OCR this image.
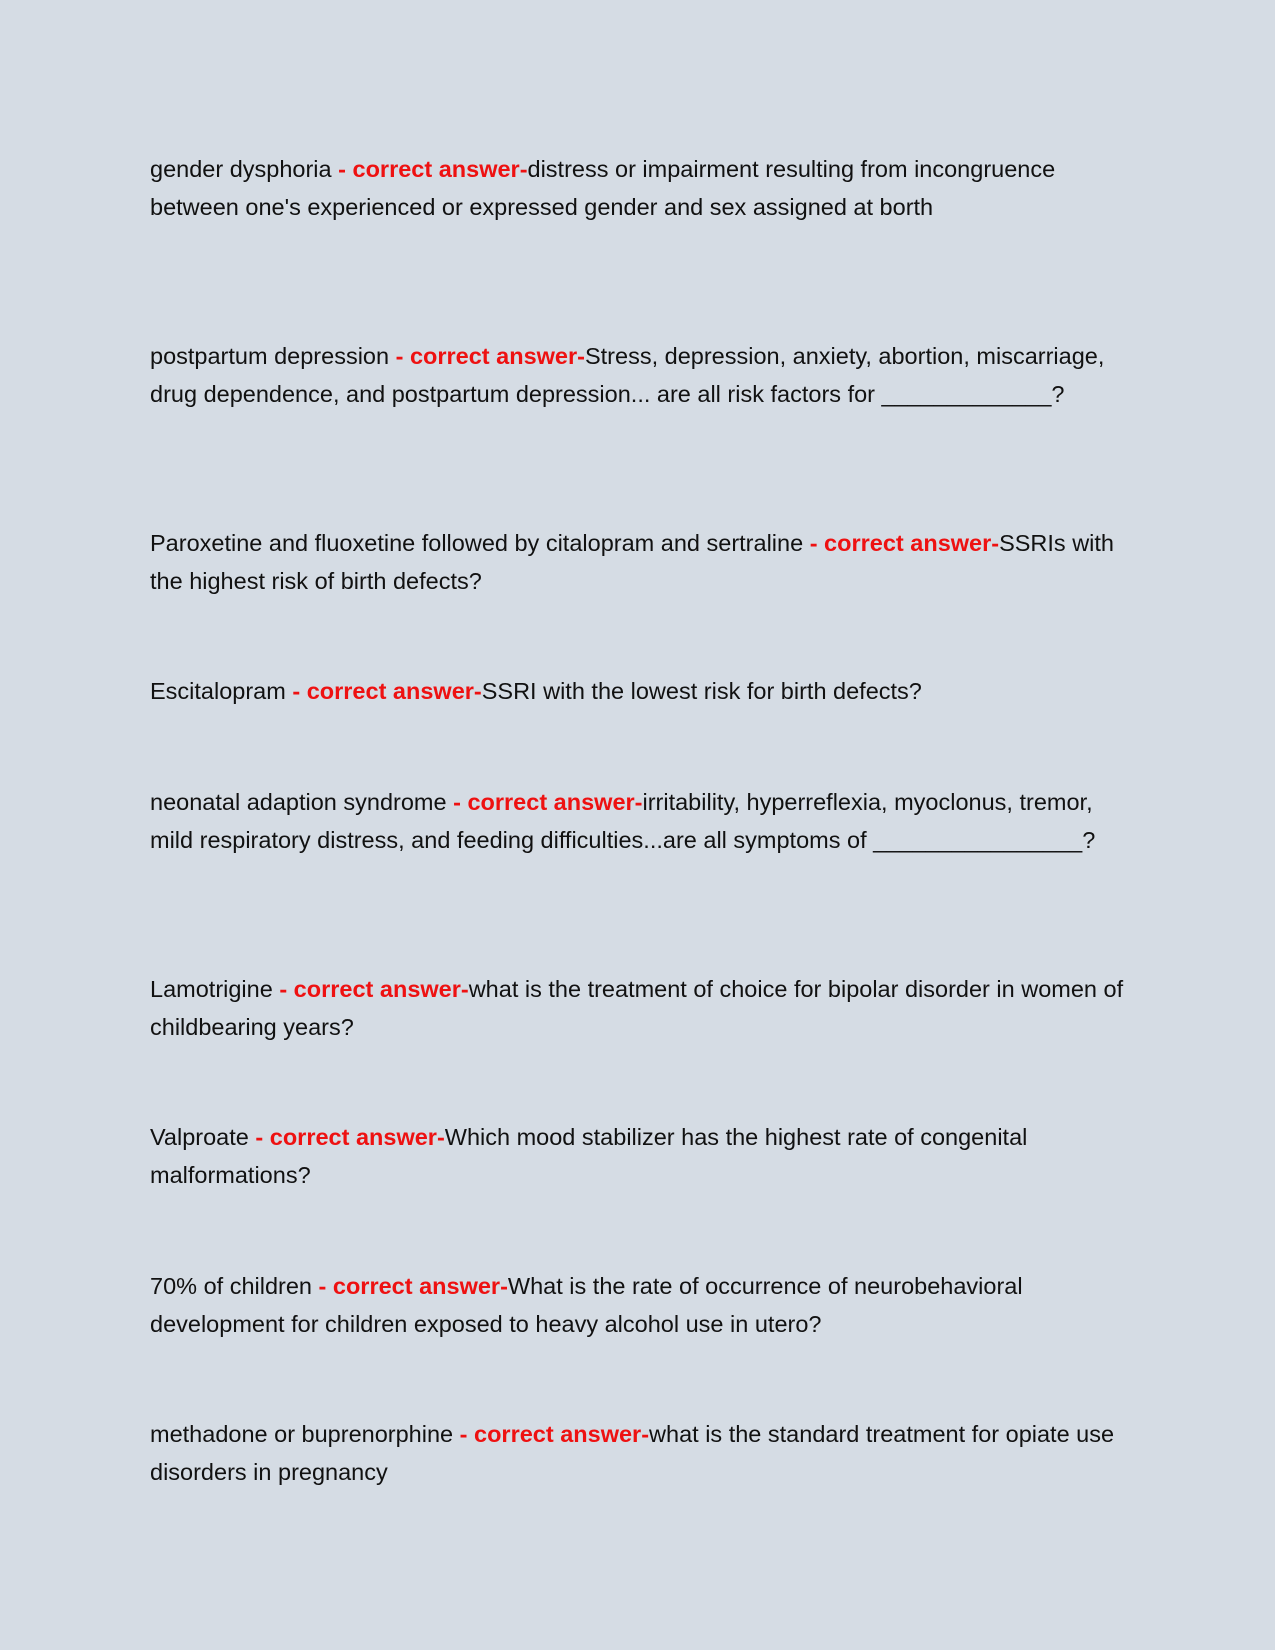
gender dysphoria - correct answer-distress or impairment resulting from incongruence between one's experienced or expressed gender and sex assigned at borth

postpartum depression - correct answer-Stress, depression, anxiety, abortion, miscarriage, drug dependence, and postpartum depression... are all risk factors for _____________?

Paroxetine and fluoxetine followed by citalopram and sertraline - correct answer-SSRIs with the highest risk of birth defects?

Escitalopram - correct answer-SSRI with the lowest risk for birth defects?

neonatal adaption syndrome - correct answer-irritability, hyperreflexia, myoclonus, tremor, mild respiratory distress, and feeding difficulties...are all symptoms of ________________?

Lamotrigine - correct answer-what is the treatment of choice for bipolar disorder in women of childbearing years?

Valproate - correct answer-Which mood stabilizer has the highest rate of congenital malformations?

70% of children - correct answer-What is the rate of occurrence of neurobehavioral development for children exposed to heavy alcohol use in utero?

methadone or buprenorphine - correct answer-what is the standard treatment for opiate use disorders in pregnancy
